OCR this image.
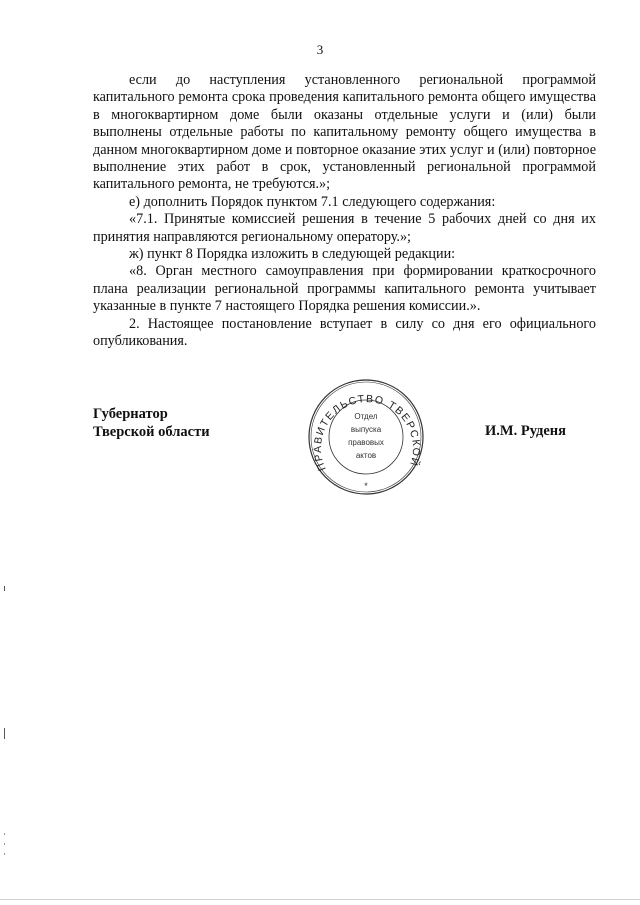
3

если до наступления установленного региональной программой капитального ремонта срока проведения капитального ремонта общего имущества в многоквартирном доме были оказаны отдельные услуги и (или) были выполнены отдельные работы по капитальному ремонту общего имущества в данном многоквартирном доме и повторное оказание этих услуг и (или) повторное выполнение этих работ в срок, установленный региональной программой капитального ремонта, не требуются.»;

е) дополнить Порядок пунктом 7.1 следующего содержания:

«7.1. Принятые комиссией решения в течение 5 рабочих дней со дня их принятия направляются региональному оператору.»;

ж) пункт 8 Порядка изложить в следующей редакции:

«8. Орган местного самоуправления при формировании краткосрочного плана реализации региональной программы капитального ремонта учитывает указанные в пункте 7 настоящего Порядка решения комиссии.».

2. Настоящее постановление вступает в силу со дня его официального опубликования.

Губернатор
Тверской области	И.М. Руденя
ПРАВИТЕЛЬСТВО ТВЕРСКОЙ
Отдел
выпуска
правовых
актов
*
